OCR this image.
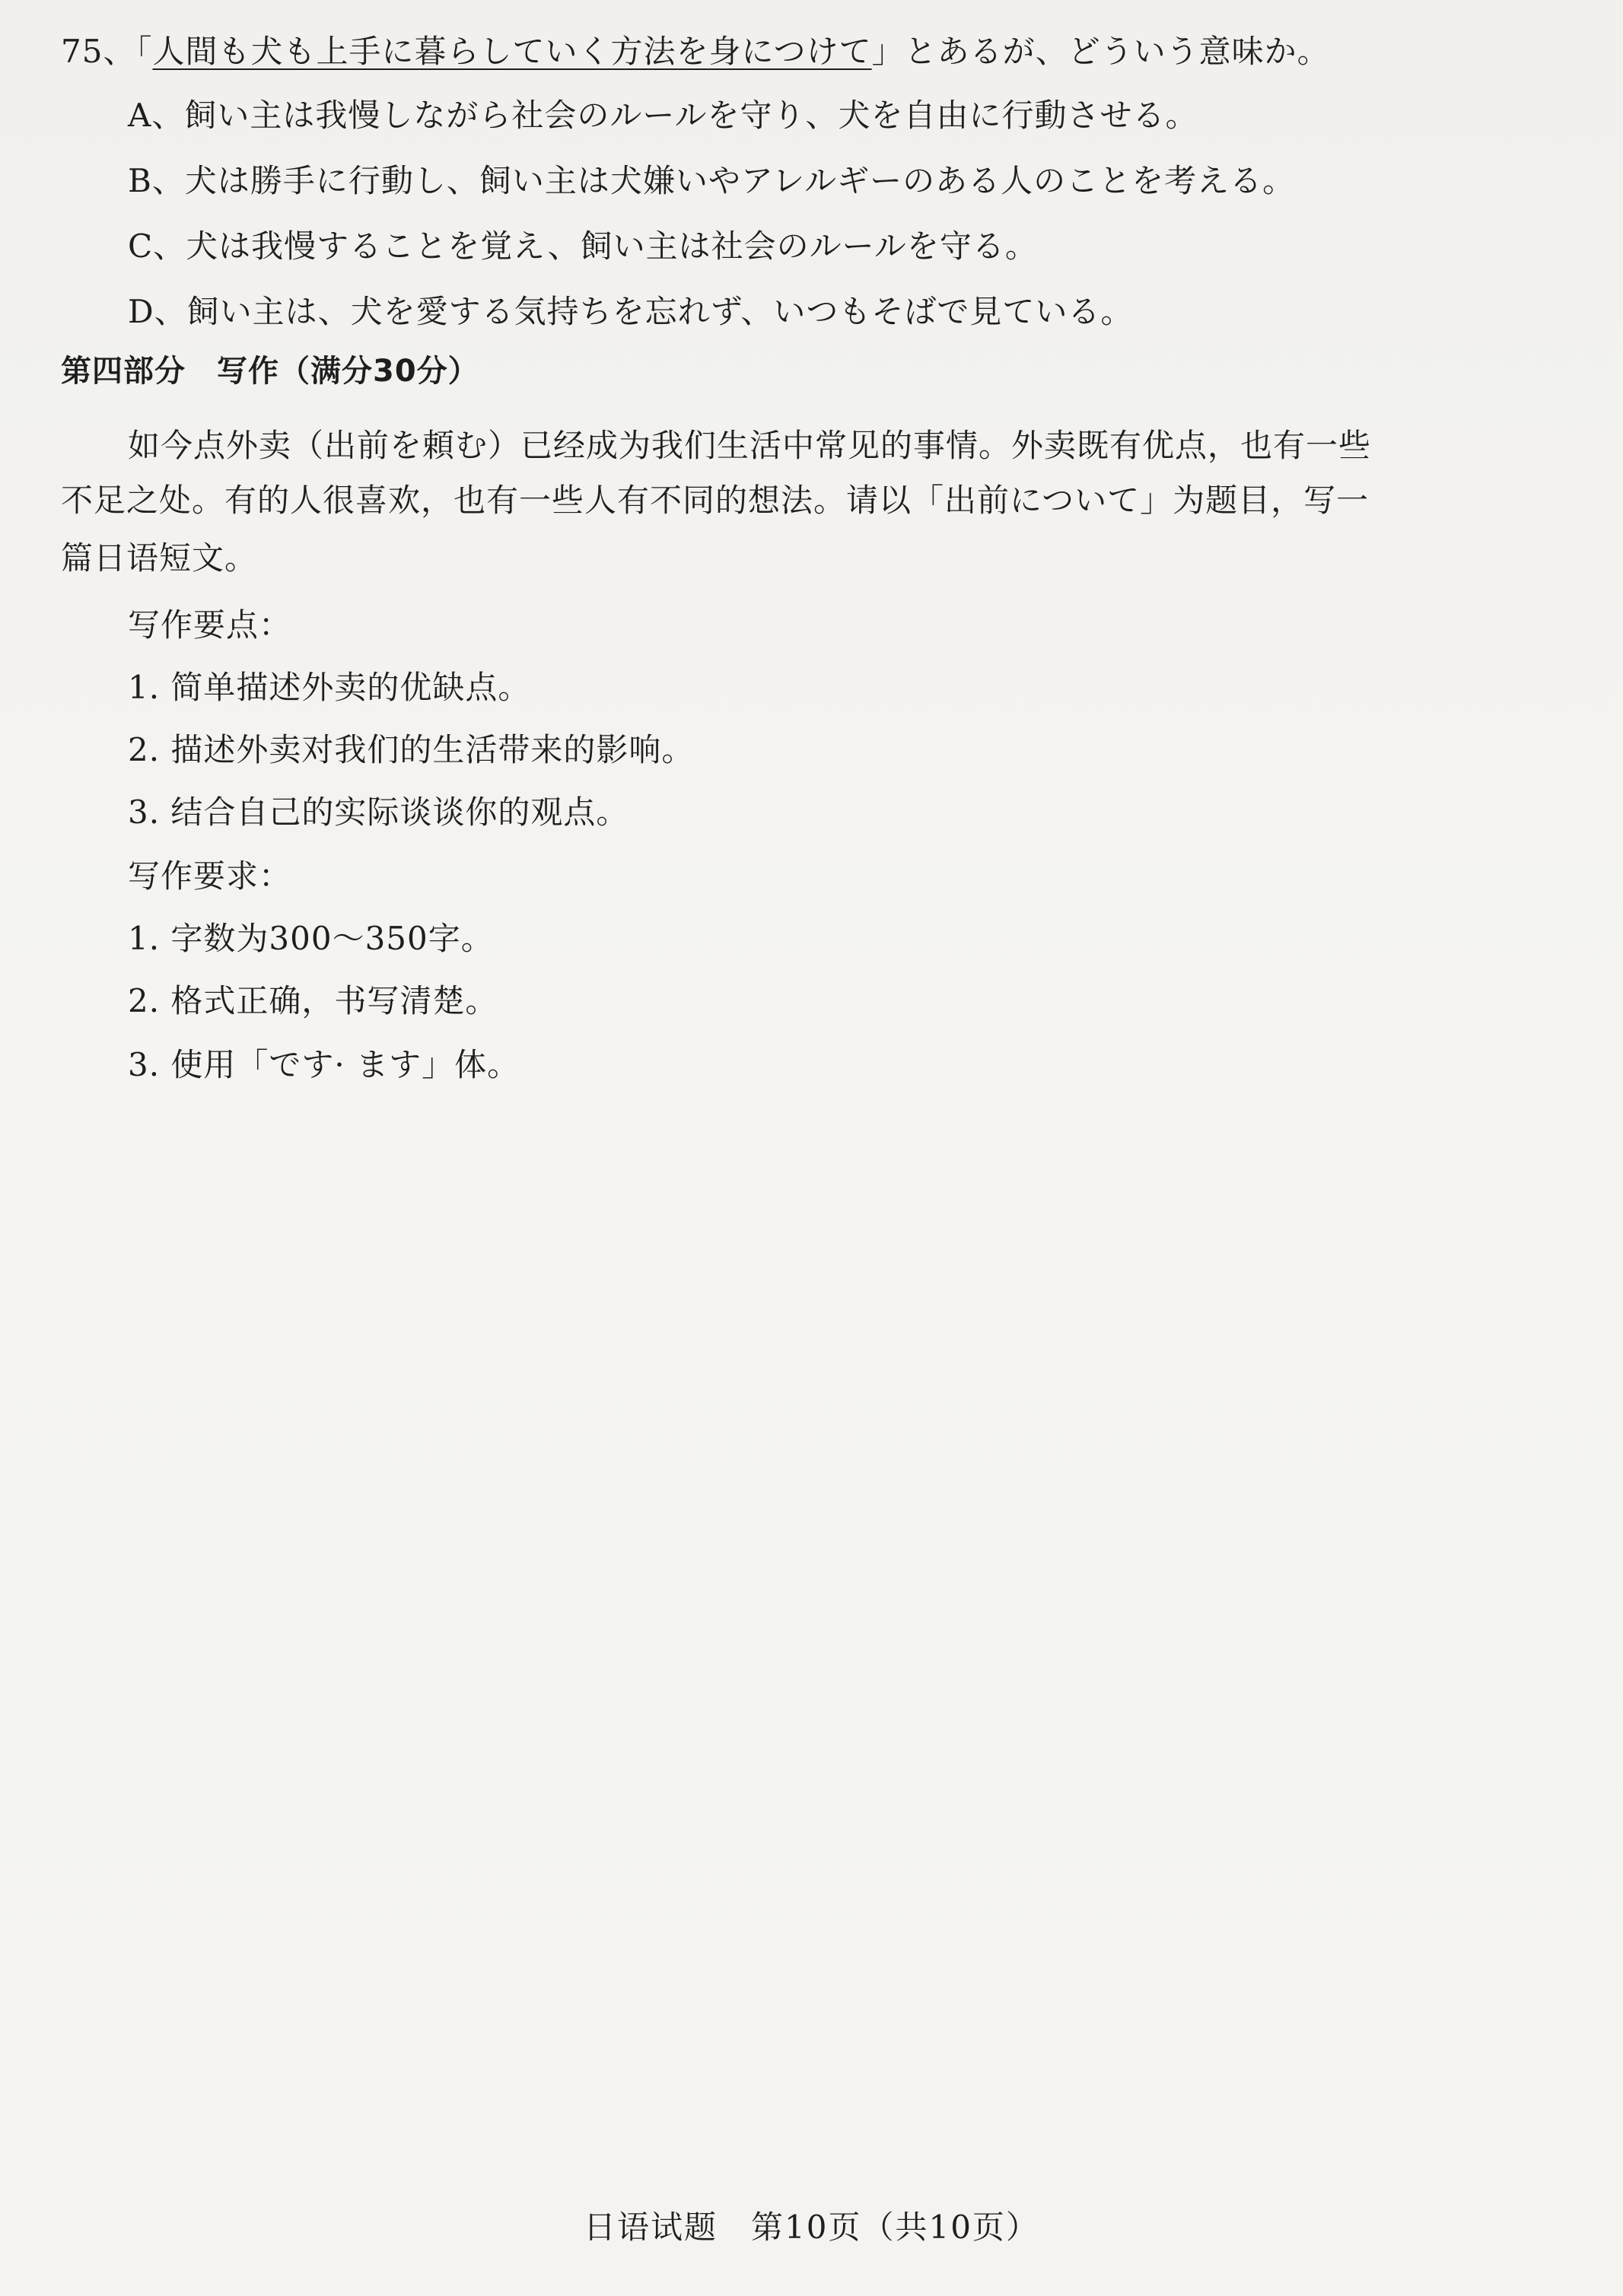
75、「人間も犬も上手に暮らしていく方法を身につけて」とあるが、どういう意味か。
A、飼い主は我慢しながら社会のルールを守り、犬を自由に行動させる。
B、犬は勝手に行動し、飼い主は犬嫌いやアレルギーのある人のことを考える。
C、犬は我慢することを覚え、飼い主は社会のルールを守る。
D、飼い主は、犬を愛する気持ちを忘れず、いつもそばで見ている。
第四部分　写作（满分30分）
如今点外卖（出前を頼む）已经成为我们生活中常见的事情。外卖既有优点，也有一些
不足之处。有的人很喜欢，也有一些人有不同的想法。请以「出前について」为题目，写一
篇日语短文。
写作要点：
1. 简单描述外卖的优缺点。
2. 描述外卖对我们的生活带来的影响。
3. 结合自己的实际谈谈你的观点。
写作要求：
1. 字数为300～350字。
2. 格式正确，书写清楚。
3. 使用「です· ます」体。
日语试题　第10页（共10页）
